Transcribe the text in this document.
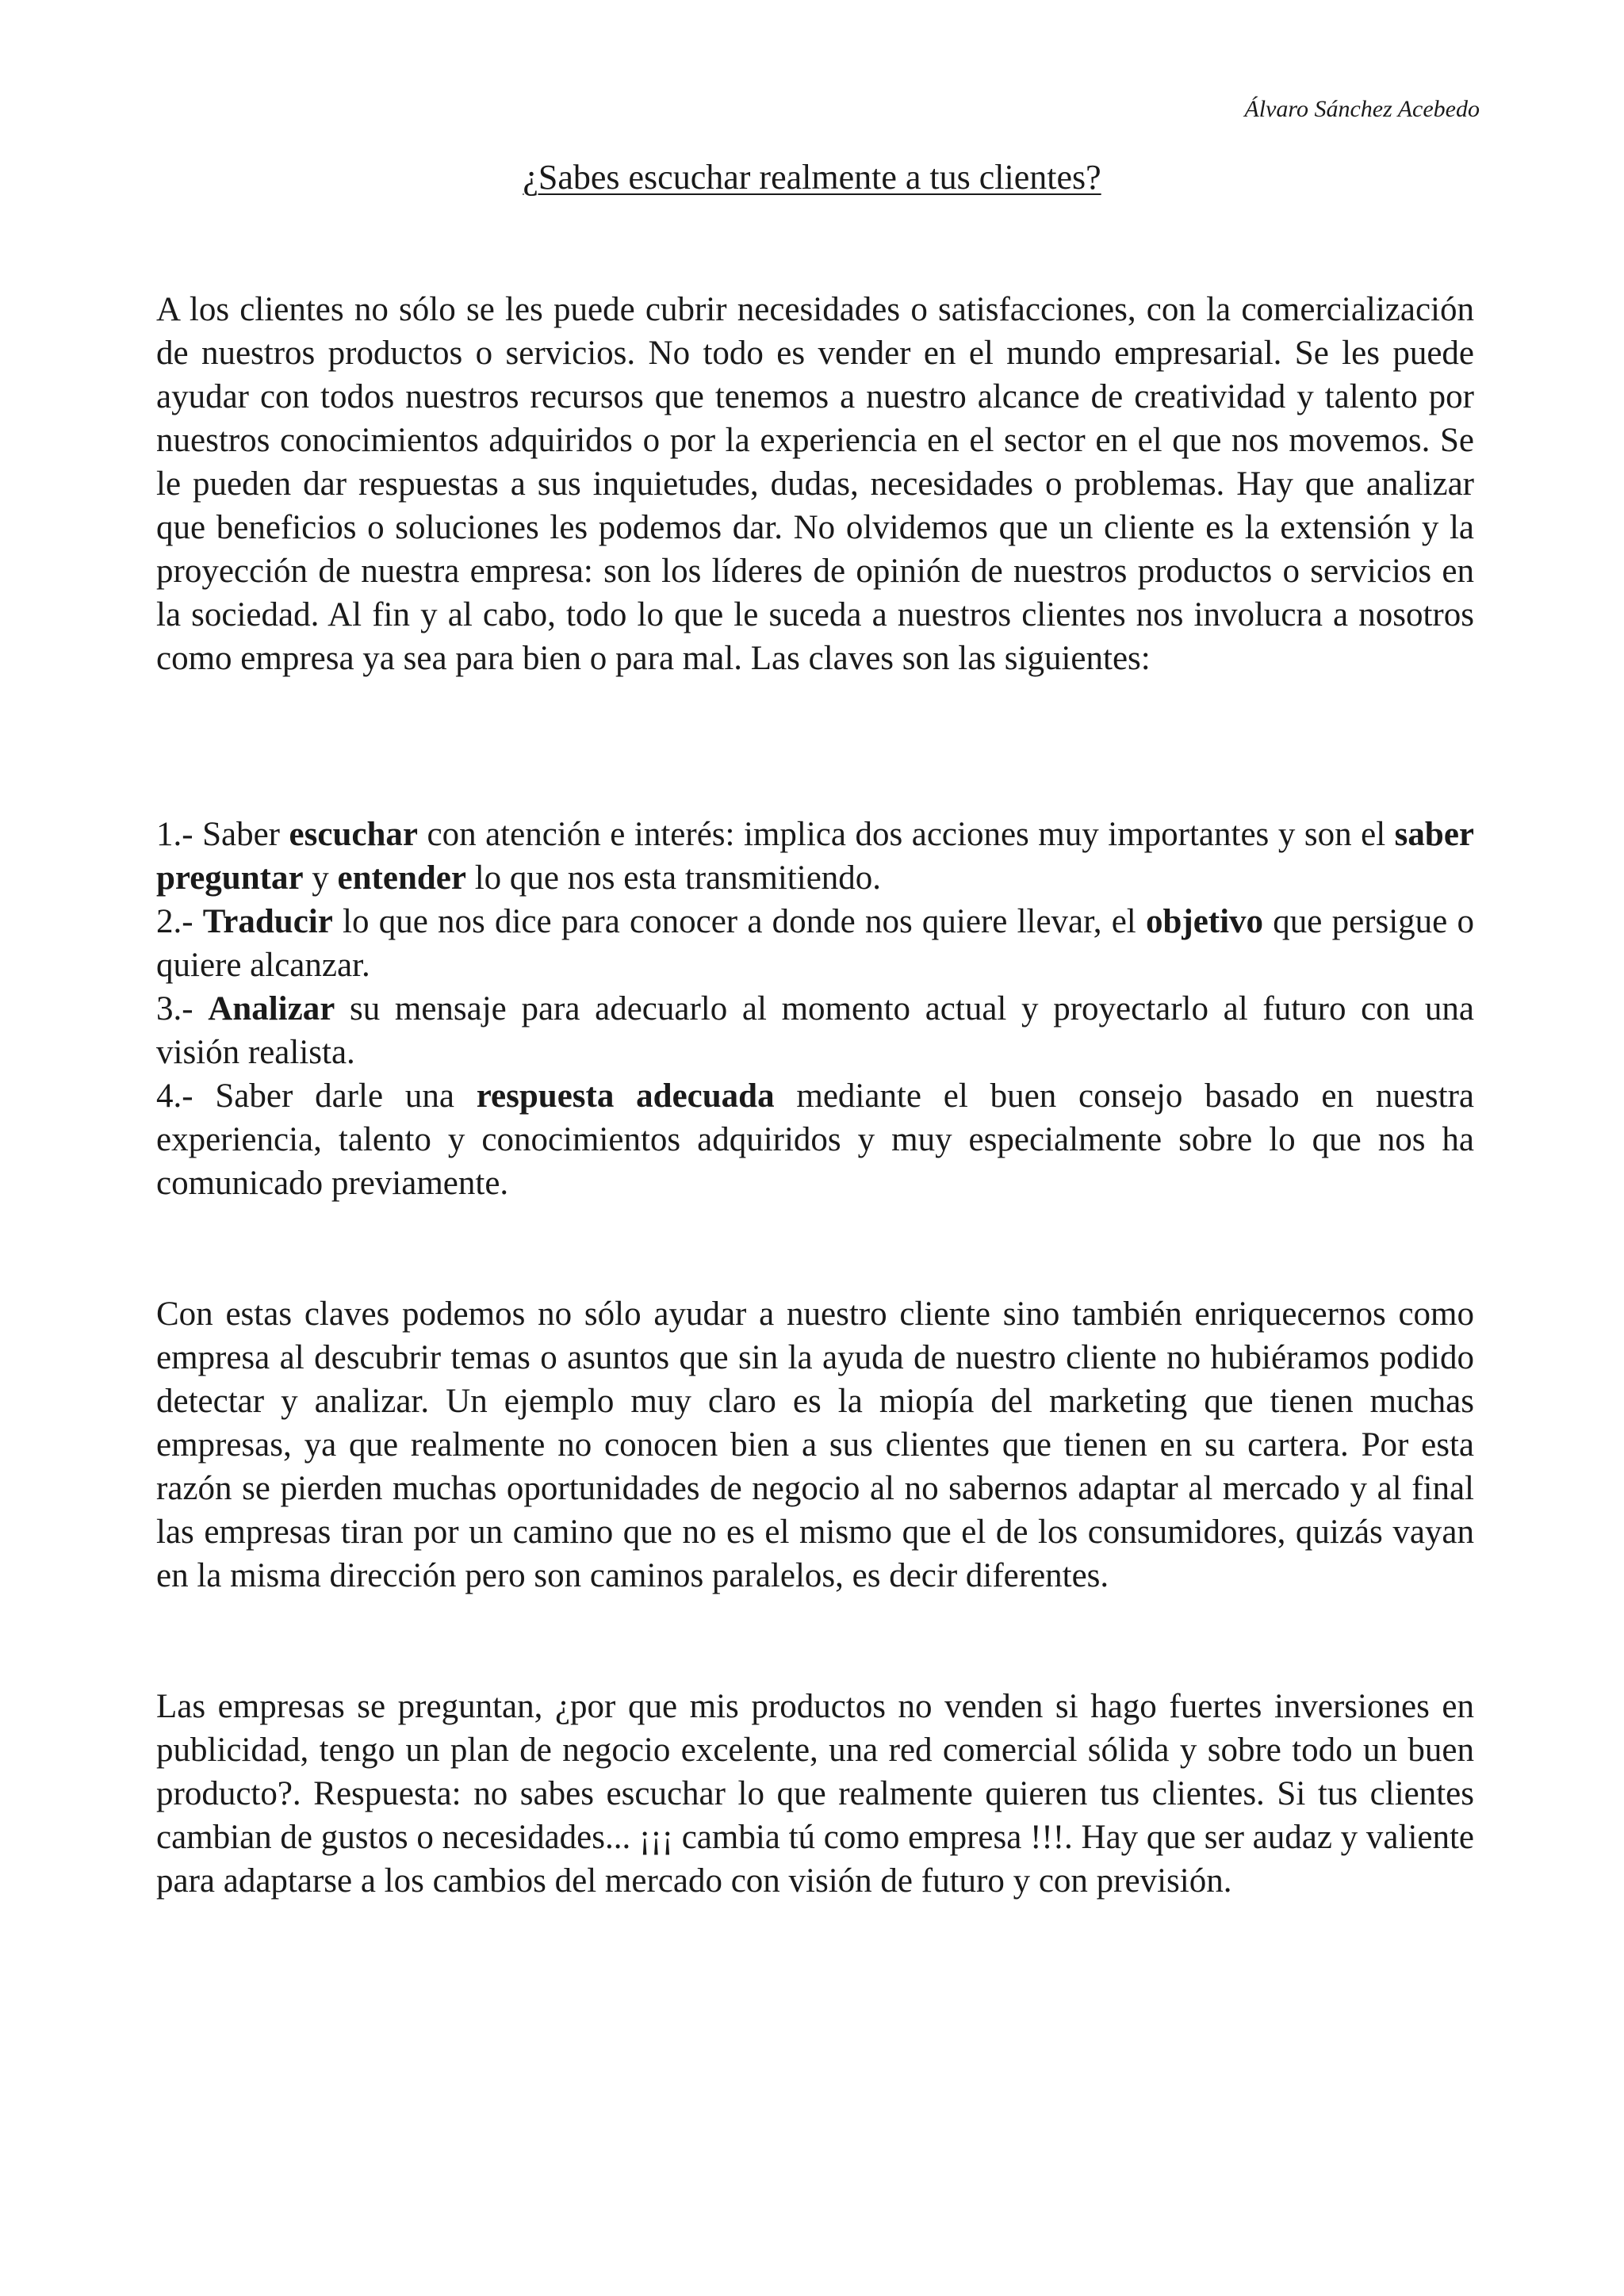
Álvaro Sánchez Acebedo
¿Sabes escuchar realmente a tus clientes?

A los clientes no sólo se les puede cubrir necesidades o satisfacciones, con la comercialización de nuestros productos o servicios. No todo es vender en el mundo empresarial. Se les puede ayudar con todos nuestros recursos que tenemos a nuestro alcance de creatividad y talento por nuestros conocimientos adquiridos o por la experiencia en el sector en el que nos movemos. Se le pueden dar respuestas a sus inquietudes, dudas, necesidades o problemas. Hay que analizar que beneficios o soluciones les podemos dar. No olvidemos que un cliente es la extensión y la proyección de nuestra empresa: son los líderes de opinión de nuestros productos o servicios en la sociedad. Al fin y al cabo, todo lo que le suceda a nuestros clientes nos involucra a nosotros como empresa ya sea para bien o para mal. Las claves son las siguientes:

1.- Saber escuchar con atención e interés: implica dos acciones muy importantes y son el saber preguntar y entender lo que nos esta transmitiendo.

2.- Traducir lo que nos dice para conocer a donde nos quiere llevar, el objetivo que persigue o quiere alcanzar.

3.- Analizar su mensaje para adecuarlo al momento actual y proyectarlo al futuro con una visión realista.

4.- Saber darle una respuesta adecuada mediante el buen consejo basado en nuestra experiencia, talento y conocimientos adquiridos y muy especialmente sobre lo que nos ha comunicado previamente.

Con estas claves podemos no sólo ayudar a nuestro cliente sino también enriquecernos como empresa al descubrir temas o asuntos que sin la ayuda de nuestro cliente no hubiéramos podido detectar y analizar. Un ejemplo muy claro es la miopía del marketing que tienen muchas empresas, ya que realmente no conocen bien a sus clientes que tienen en su cartera. Por esta razón se pierden muchas oportunidades de negocio al no sabernos adaptar al mercado y al final las empresas tiran por un camino que no es el mismo que el de los consumidores, quizás vayan en la misma dirección pero son caminos paralelos, es decir diferentes.

Las empresas se preguntan, ¿por que mis productos no venden si hago fuertes inversiones en publicidad, tengo un plan de negocio excelente, una red comercial sólida y sobre todo un buen producto?. Respuesta: no sabes escuchar lo que realmente quieren tus clientes. Si tus clientes cambian de gustos o necesidades... ¡¡¡ cambia tú como empresa !!!. Hay que ser audaz y valiente para adaptarse a los cambios del mercado con visión de futuro y con previsión.
